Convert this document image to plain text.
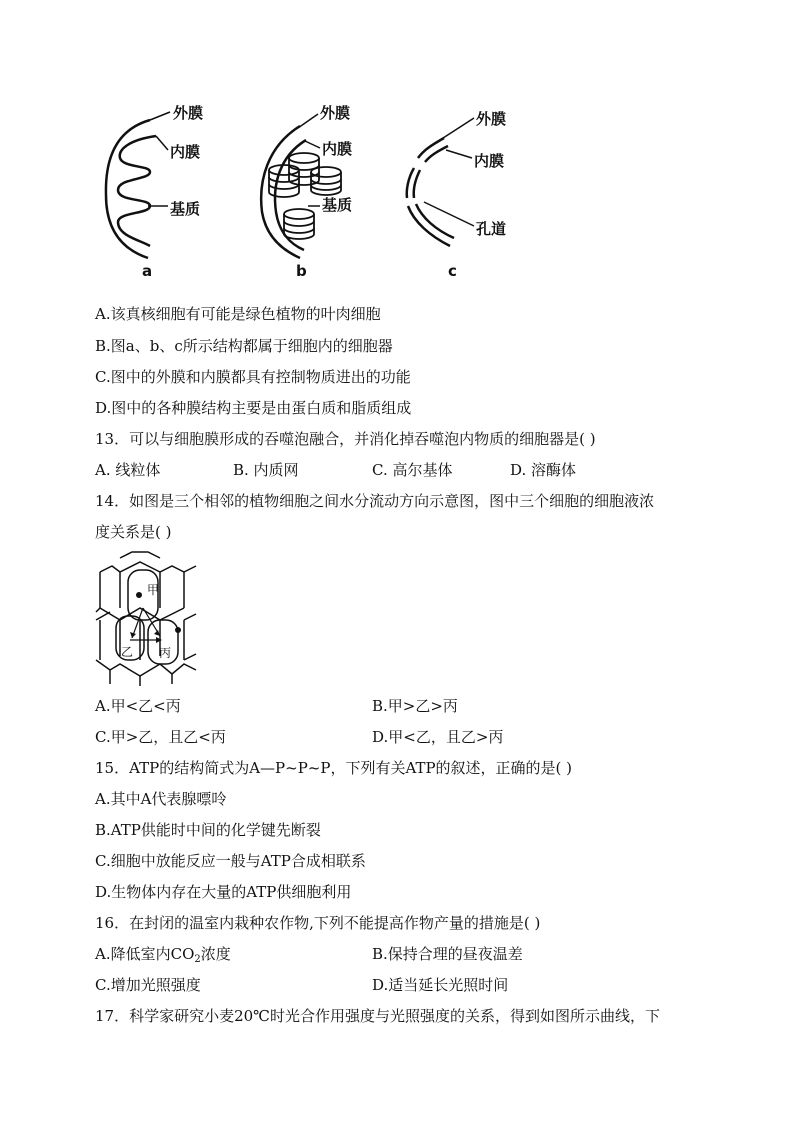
外膜
内膜
基质
a
外膜
内膜
基质
b
外膜
内膜
孔道
c
A.该真核细胞有可能是绿色植物的叶肉细胞
B.图a、b、c所示结构都属于细胞内的细胞器
C.图中的外膜和内膜都具有控制物质进出的功能
D.图中的各种膜结构主要是由蛋白质和脂质组成
13．可以与细胞膜形成的吞噬泡融合，并消化掉吞噬泡内物质的细胞器是( )
A. 线粒体	B. 内质网	C. 高尔基体	D. 溶酶体
14．如图是三个相邻的植物细胞之间水分流动方向示意图，图中三个细胞的细胞液浓
度关系是( )
甲
乙 丙
A.甲<乙<丙	B.甲>乙>丙
C.甲>乙，且乙<丙	D.甲<乙，且乙>丙
15．ATP的结构简式为A—P~P~P，下列有关ATP的叙述，正确的是( )
A.其中A代表腺嘌呤
B.ATP供能时中间的化学键先断裂
C.细胞中放能反应一般与ATP合成相联系
D.生物体内存在大量的ATP供细胞利用
16．在封闭的温室内栽种农作物,下列不能提高作物产量的措施是( )
A.降低室内$CO_2$浓度	B.保持合理的昼夜温差
C.增加光照强度	D.适当延长光照时间
17．科学家研究小麦20℃时光合作用强度与光照强度的关系，得到如图所示曲线，下
